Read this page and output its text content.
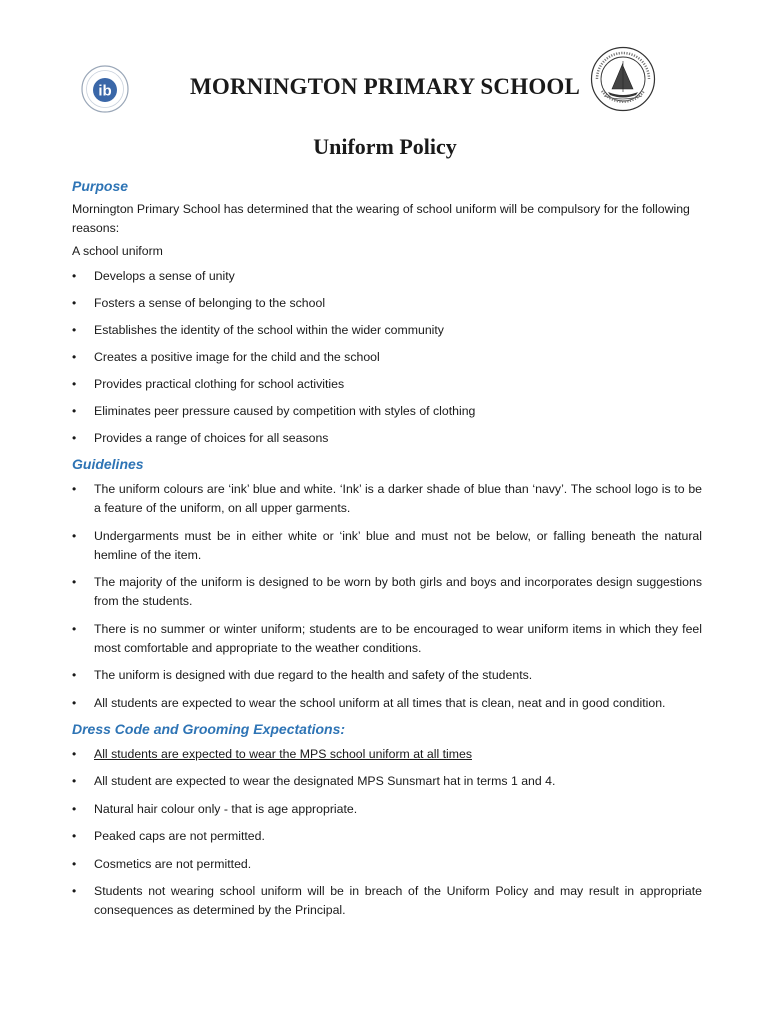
ib	MORNINGTON PRIMARY SCHOOL
Uniform Policy
Purpose

Mornington Primary School has determined that the wearing of school uniform will be compulsory for the following reasons:

A school uniform

• Develops a sense of unity
• Fosters a sense of belonging to the school
• Establishes the identity of the school within the wider community
• Creates a positive image for the child and the school
• Provides practical clothing for school activities
• Eliminates peer pressure caused by competition with styles of clothing
• Provides a range of choices for all seasons
Guidelines
• The uniform colours are ‘ink’ blue and white. ‘Ink’ is a darker shade of blue than ‘navy’. The school logo is to be a feature of the uniform, on all upper garments.
• Undergarments must be in either white or ‘ink’ blue and must not be below, or falling beneath the natural hemline of the item.
• The majority of the uniform is designed to be worn by both girls and boys and incorporates design suggestions from the students.
• There is no summer or winter uniform; students are to be encouraged to wear uniform items in which they feel most comfortable and appropriate to the weather conditions.
• The uniform is designed with due regard to the health and safety of the students.
• All students are expected to wear the school uniform at all times that is clean, neat and in good condition.
Dress Code and Grooming Expectations:
• All students are expected to wear the MPS school uniform at all times
• All student are expected to wear the designated MPS Sunsmart hat in terms 1 and 4.
• Natural hair colour only - that is age appropriate.
• Peaked caps are not permitted.
• Cosmetics are not permitted.
• Students not wearing school uniform will be in breach of the Uniform Policy and may result in appropriate consequences as determined by the Principal.
